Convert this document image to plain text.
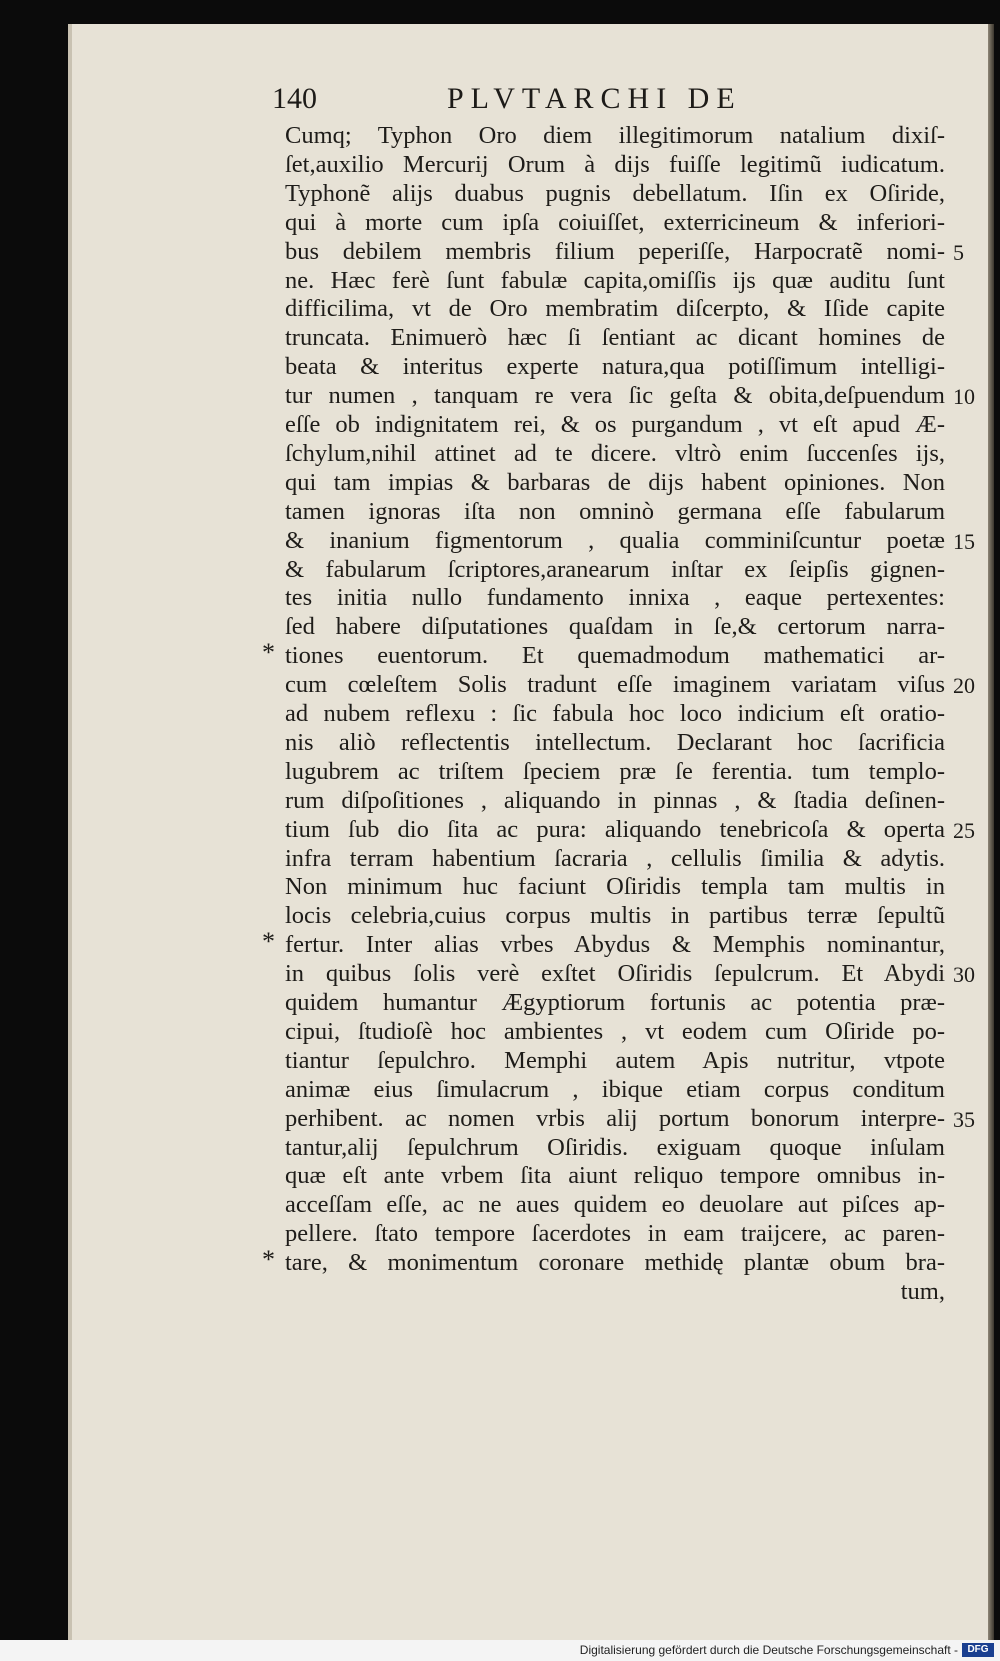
140	PLVTARCHI DE
Cumq; Typhon Oro diem illegitimorum natalium dixiſ-
ſet,auxilio Mercurij Orum à dijs fuiſſe legitimũ iudicatum.
Typhonẽ alijs duabus pugnis debellatum. Iſin ex Oſiride,
qui à morte cum ipſa coiuiſſet, exterricineum & inferiori-
bus debilem membris filium peperiſſe, Harpocratẽ nomi-
ne. Hæc ferè ſunt fabulæ capita,omiſſis ijs quæ auditu ſunt
difficilima, vt de Oro membratim diſcerpto, & Iſide capite
truncata. Enimuerò hæc ſi ſentiant ac dicant homines de
beata & interitus experte natura,qua potiſſimum intelligi-
tur numen , tanquam re vera ſic geſta & obita,deſpuendum
eſſe ob indignitatem rei, & os purgandum , vt eſt apud Æ-
ſchylum,nihil attinet ad te dicere. vltrò enim ſuccenſes ijs,
qui tam impias & barbaras de dijs habent opiniones. Non
tamen ignoras iſta non omninò germana eſſe fabularum
& inanium figmentorum , qualia comminiſcuntur poetæ
& fabularum ſcriptores,aranearum inſtar ex ſeipſis gignen-
tes initia nullo fundamento innixa , eaque pertexentes:
ſed habere diſputationes quaſdam in ſe,& certorum narra-
tiones euentorum. Et quemadmodum mathematici ar-
cum cœleſtem Solis tradunt eſſe imaginem variatam viſus
ad nubem reflexu : ſic fabula hoc loco indicium eſt oratio-
nis aliò reflectentis intellectum. Declarant hoc ſacrificia
lugubrem ac triſtem ſpeciem præ ſe ferentia. tum templo-
rum diſpoſitiones , aliquando in pinnas , & ſtadia deſinen-
tium ſub dio ſita ac pura: aliquando tenebricoſa & operta
infra terram habentium ſacraria , cellulis ſimilia & adytis.
Non minimum huc faciunt Oſiridis templa tam multis in
locis celebria,cuius corpus multis in partibus terræ ſepultũ
fertur. Inter alias vrbes Abydus & Memphis nominantur,
in quibus ſolis verè exſtet Oſiridis ſepulcrum. Et Abydi
quidem humantur Ægyptiorum fortunis ac potentia præ-
cipui, ſtudioſè hoc ambientes , vt eodem cum Oſiride po-
tiantur ſepulchro. Memphi autem Apis nutritur, vtpote
animæ eius ſimulacrum , ibique etiam corpus conditum
perhibent. ac nomen vrbis alij portum bonorum interpre-
tantur,alij ſepulchrum Oſiridis. exiguam quoque inſulam
quæ eſt ante vrbem ſita aiunt reliquo tempore omnibus in-
acceſſam eſſe, ac ne aues quidem eo deuolare aut piſces ap-
pellere. ſtato tempore ſacerdotes in eam traijcere, ac paren-
tare, & monimentum coronare methidę plantæ obum bra-
tum,
5
10
15
20
25
30
35
*
*
*
Digitalisierung gefördert durch die Deutsche Forschungsgemeinschaft - DFG
